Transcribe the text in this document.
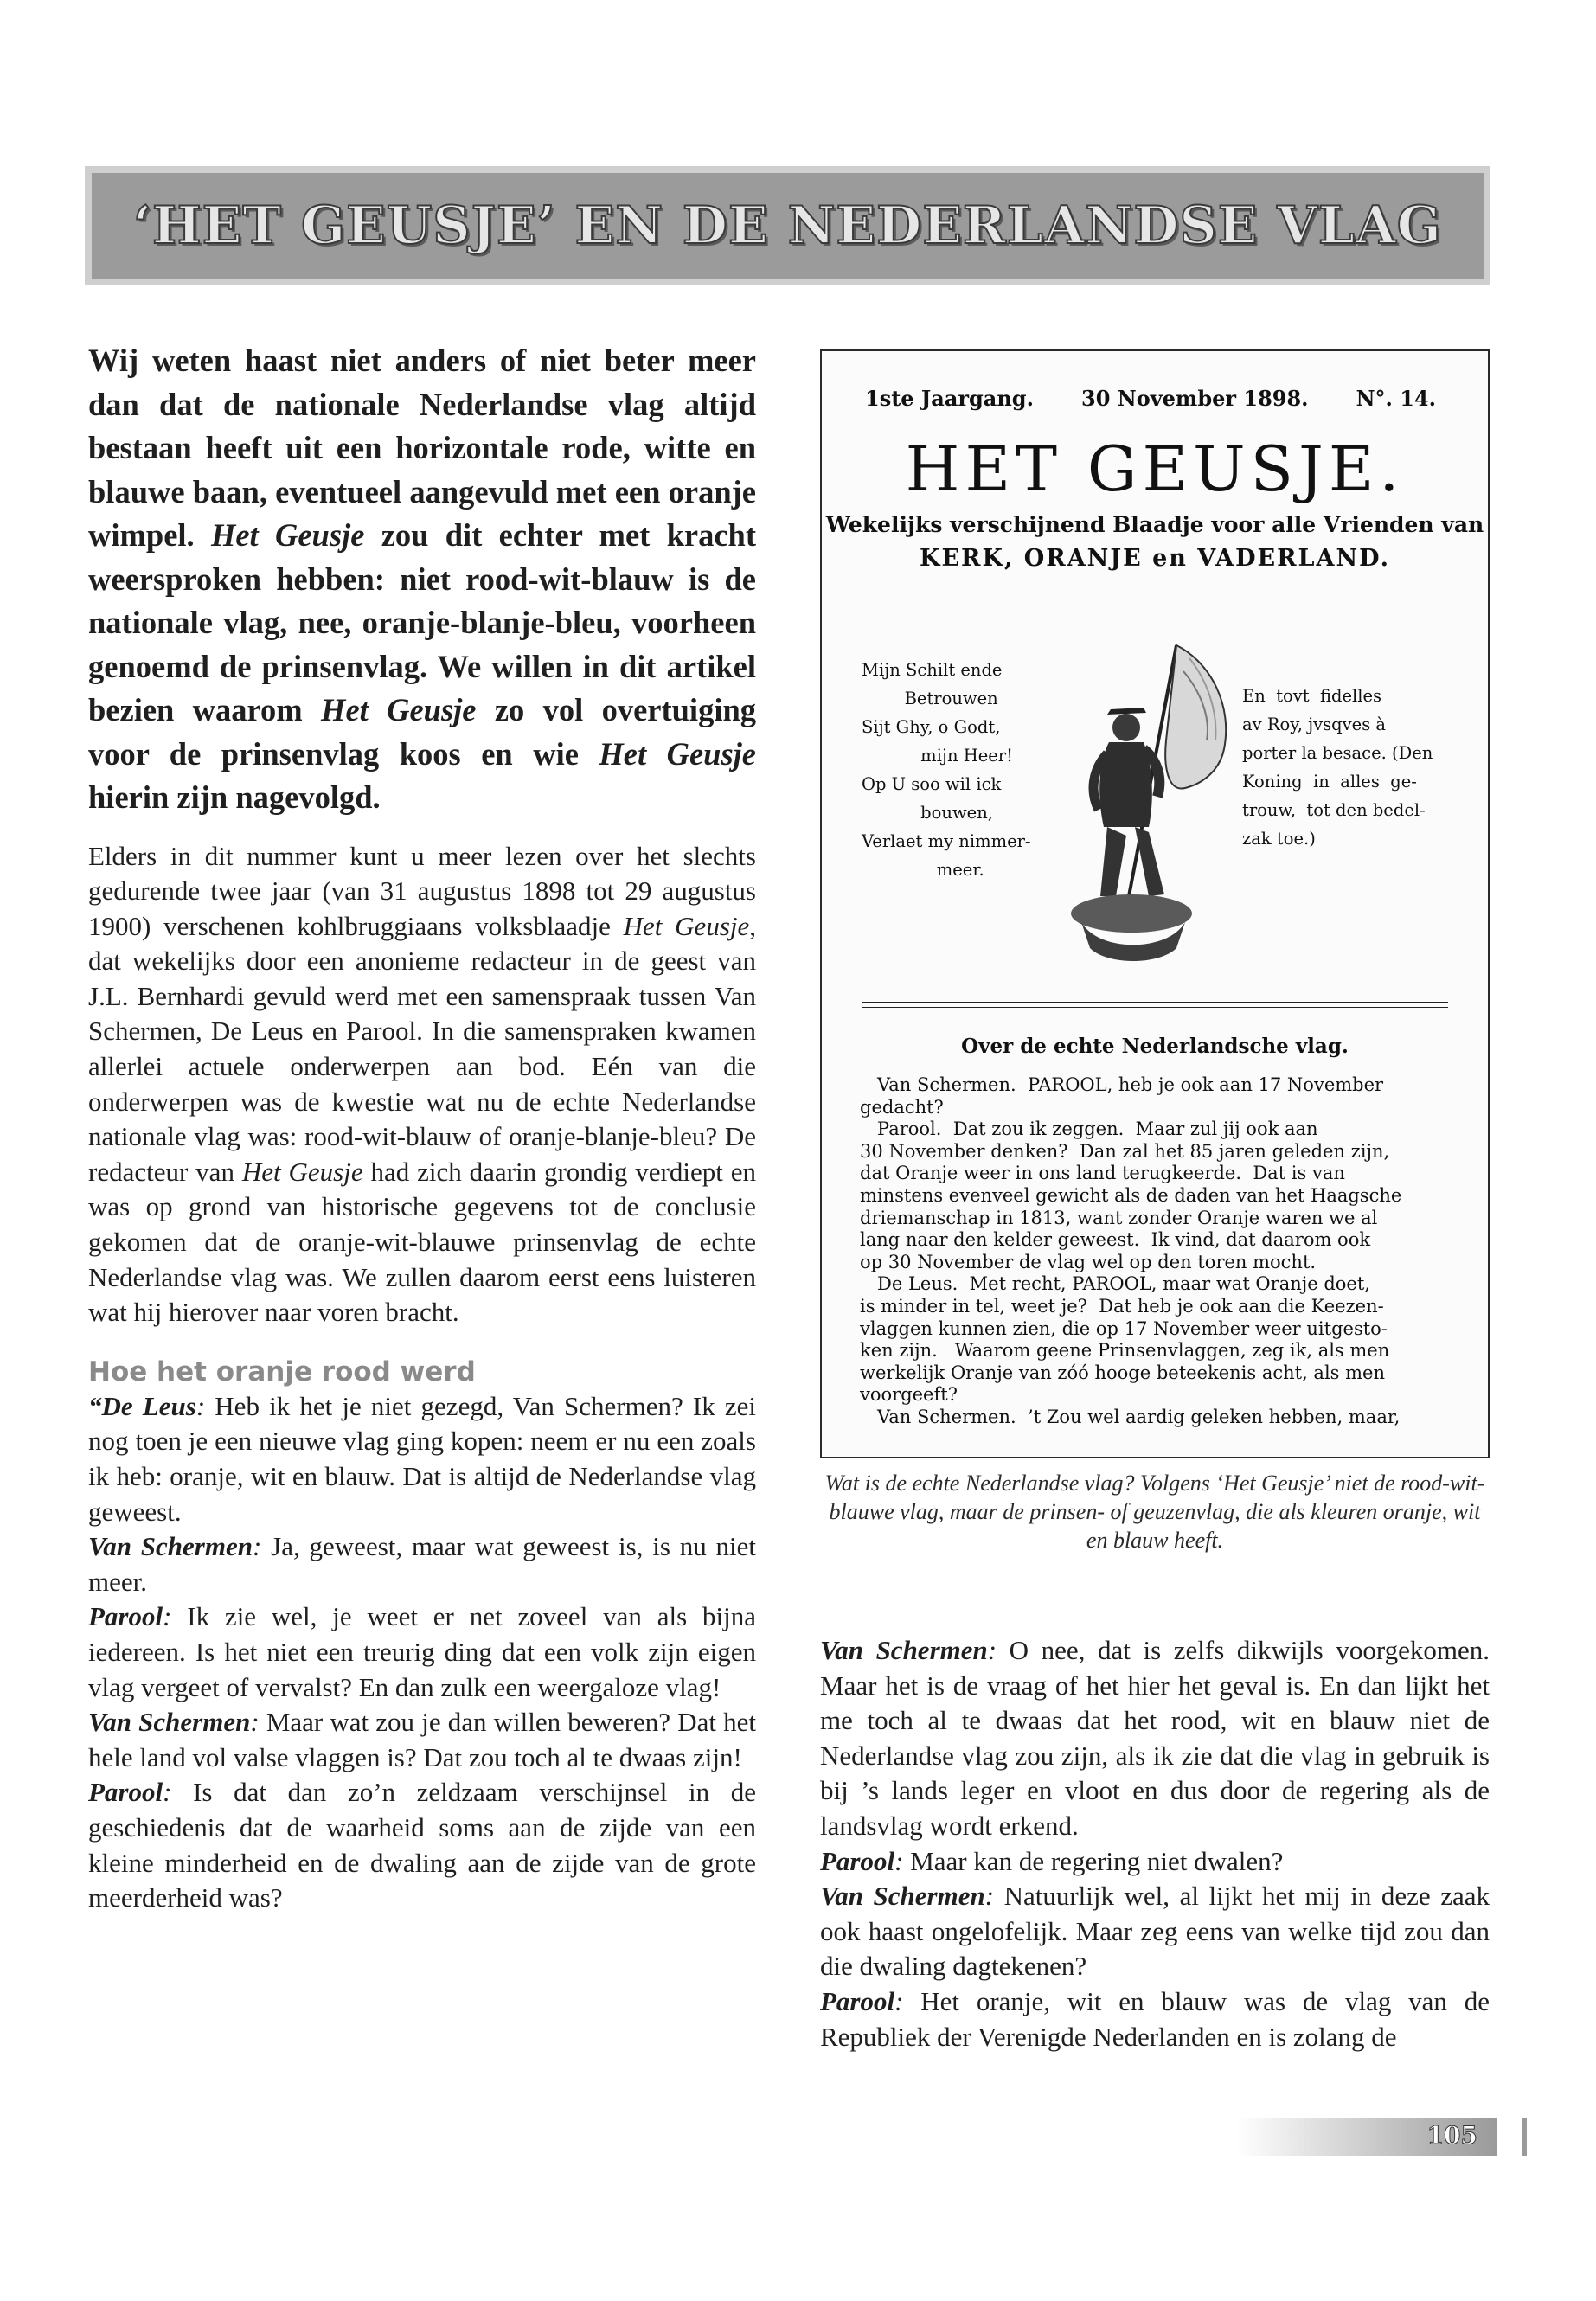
‘HET GEUSJE’ EN DE NEDERLANDSE VLAG

Wij weten haast niet anders of niet beter meer dan dat de nationale Nederlandse vlag altijd bestaan heeft uit een horizontale rode, witte en blauwe baan, eventueel aangevuld met een oranje wimpel. Het Geusje zou dit echter met kracht weersproken hebben: niet rood-wit-blauw is de nationale vlag, nee, oranje-blanje-bleu, voorheen genoemd de prinsenvlag. We willen in dit artikel bezien waarom Het Geusje zo vol overtuiging voor de prinsenvlag koos en wie Het Geusje hierin zijn nagevolgd.

Elders in dit nummer kunt u meer lezen over het slechts gedurende twee jaar (van 31 augustus 1898 tot 29 augustus 1900) verschenen kohlbruggiaans volksblaadje Het Geusje, dat wekelijks door een anonieme redacteur in de geest van J.L. Bernhardi gevuld werd met een samenspraak tussen Van Schermen, De Leus en Parool. In die samenspraken kwamen allerlei actuele onderwerpen aan bod. Eén van die onderwerpen was de kwestie wat nu de echte Nederlandse nationale vlag was: rood-wit-blauw of oranje-blanje-bleu? De redacteur van Het Geusje had zich daarin grondig verdiept en was op grond van historische gegevens tot de conclusie gekomen dat de oranje-wit-blauwe prinsenvlag de echte Nederlandse vlag was. We zullen daarom eerst eens luisteren wat hij hierover naar voren bracht.

Hoe het oranje rood werd

“De Leus: Heb ik het je niet gezegd, Van Schermen? Ik zei nog toen je een nieuwe vlag ging kopen: neem er nu een zoals ik heb: oranje, wit en blauw. Dat is altijd de Nederlandse vlag geweest.

Van Schermen: Ja, geweest, maar wat geweest is, is nu niet meer.

Parool: Ik zie wel, je weet er net zoveel van als bijna iedereen. Is het niet een treurig ding dat een volk zijn eigen vlag vergeet of vervalst? En dan zulk een weergaloze vlag!

Van Schermen: Maar wat zou je dan willen beweren? Dat het hele land vol valse vlaggen is? Dat zou toch al te dwaas zijn!

Parool: Is dat dan zo’n zeldzaam verschijnsel in de geschiedenis dat de waarheid soms aan de zijde van een kleine minderheid en de dwaling aan de zijde van de grote meerderheid was?

1ste Jaargang. 30 November 1898. N°. 14.
HET GEUSJE.
Wekelijks verschijnend Blaadje voor alle Vrienden van
KERK, ORANJE en VADERLAND.
Mijn Schilt ende
Betrouwen
Sijt Ghy, o Godt,
mijn Heer!
Op U soo wil ick
bouwen,
Verlaet my nimmer-
meer.
En  tovt  fidelles
av Roy, jvsqves à
porter la besace. (Den
Koning  in  alles  ge-
trouw,  tot den bedel-
zak toe.)
Over de echte Nederlandsche vlag.
Van Schermen.  PAROOL, heb je ook aan 17 November
gedacht?
Parool.  Dat zou ik zeggen.  Maar zul jij ook aan
30 November denken?  Dan zal het 85 jaren geleden zijn,
dat Oranje weer in ons land terugkeerde.  Dat is van
minstens evenveel gewicht als de daden van het Haagsche
driemanschap in 1813, want zonder Oranje waren we al
lang naar den kelder geweest.  Ik vind, dat daarom ook
op 30 November de vlag wel op den toren mocht.
De Leus.  Met recht, PAROOL, maar wat Oranje doet,
is minder in tel, weet je?  Dat heb je ook aan die Keezen-
vlaggen kunnen zien, die op 17 November weer uitgesto-
ken zijn.   Waarom geene Prinsenvlaggen, zeg ik, als men
werkelijk Oranje van zóó hooge beteekenis acht, als men
voorgeeft?
Van Schermen.  ’t Zou wel aardig geleken hebben, maar,
Wat is de echte Nederlandse vlag? Volgens ‘Het Geusje’ niet de rood-wit-blauwe vlag, maar de prinsen- of geuzenvlag, die als kleuren oranje, wit en blauw heeft.

Van Schermen: O nee, dat is zelfs dikwijls voorgekomen. Maar het is de vraag of het hier het geval is. En dan lijkt het me toch al te dwaas dat het rood, wit en blauw niet de Nederlandse vlag zou zijn, als ik zie dat die vlag in gebruik is bij ’s lands leger en vloot en dus door de regering als de landsvlag wordt erkend.

Parool: Maar kan de regering niet dwalen?

Van Schermen: Natuurlijk wel, al lijkt het mij in deze zaak ook haast ongelofelijk. Maar zeg eens van welke tijd zou dan die dwaling dagtekenen?

Parool: Het oranje, wit en blauw was de vlag van de Republiek der Verenigde Nederlanden en is zolang de

105
